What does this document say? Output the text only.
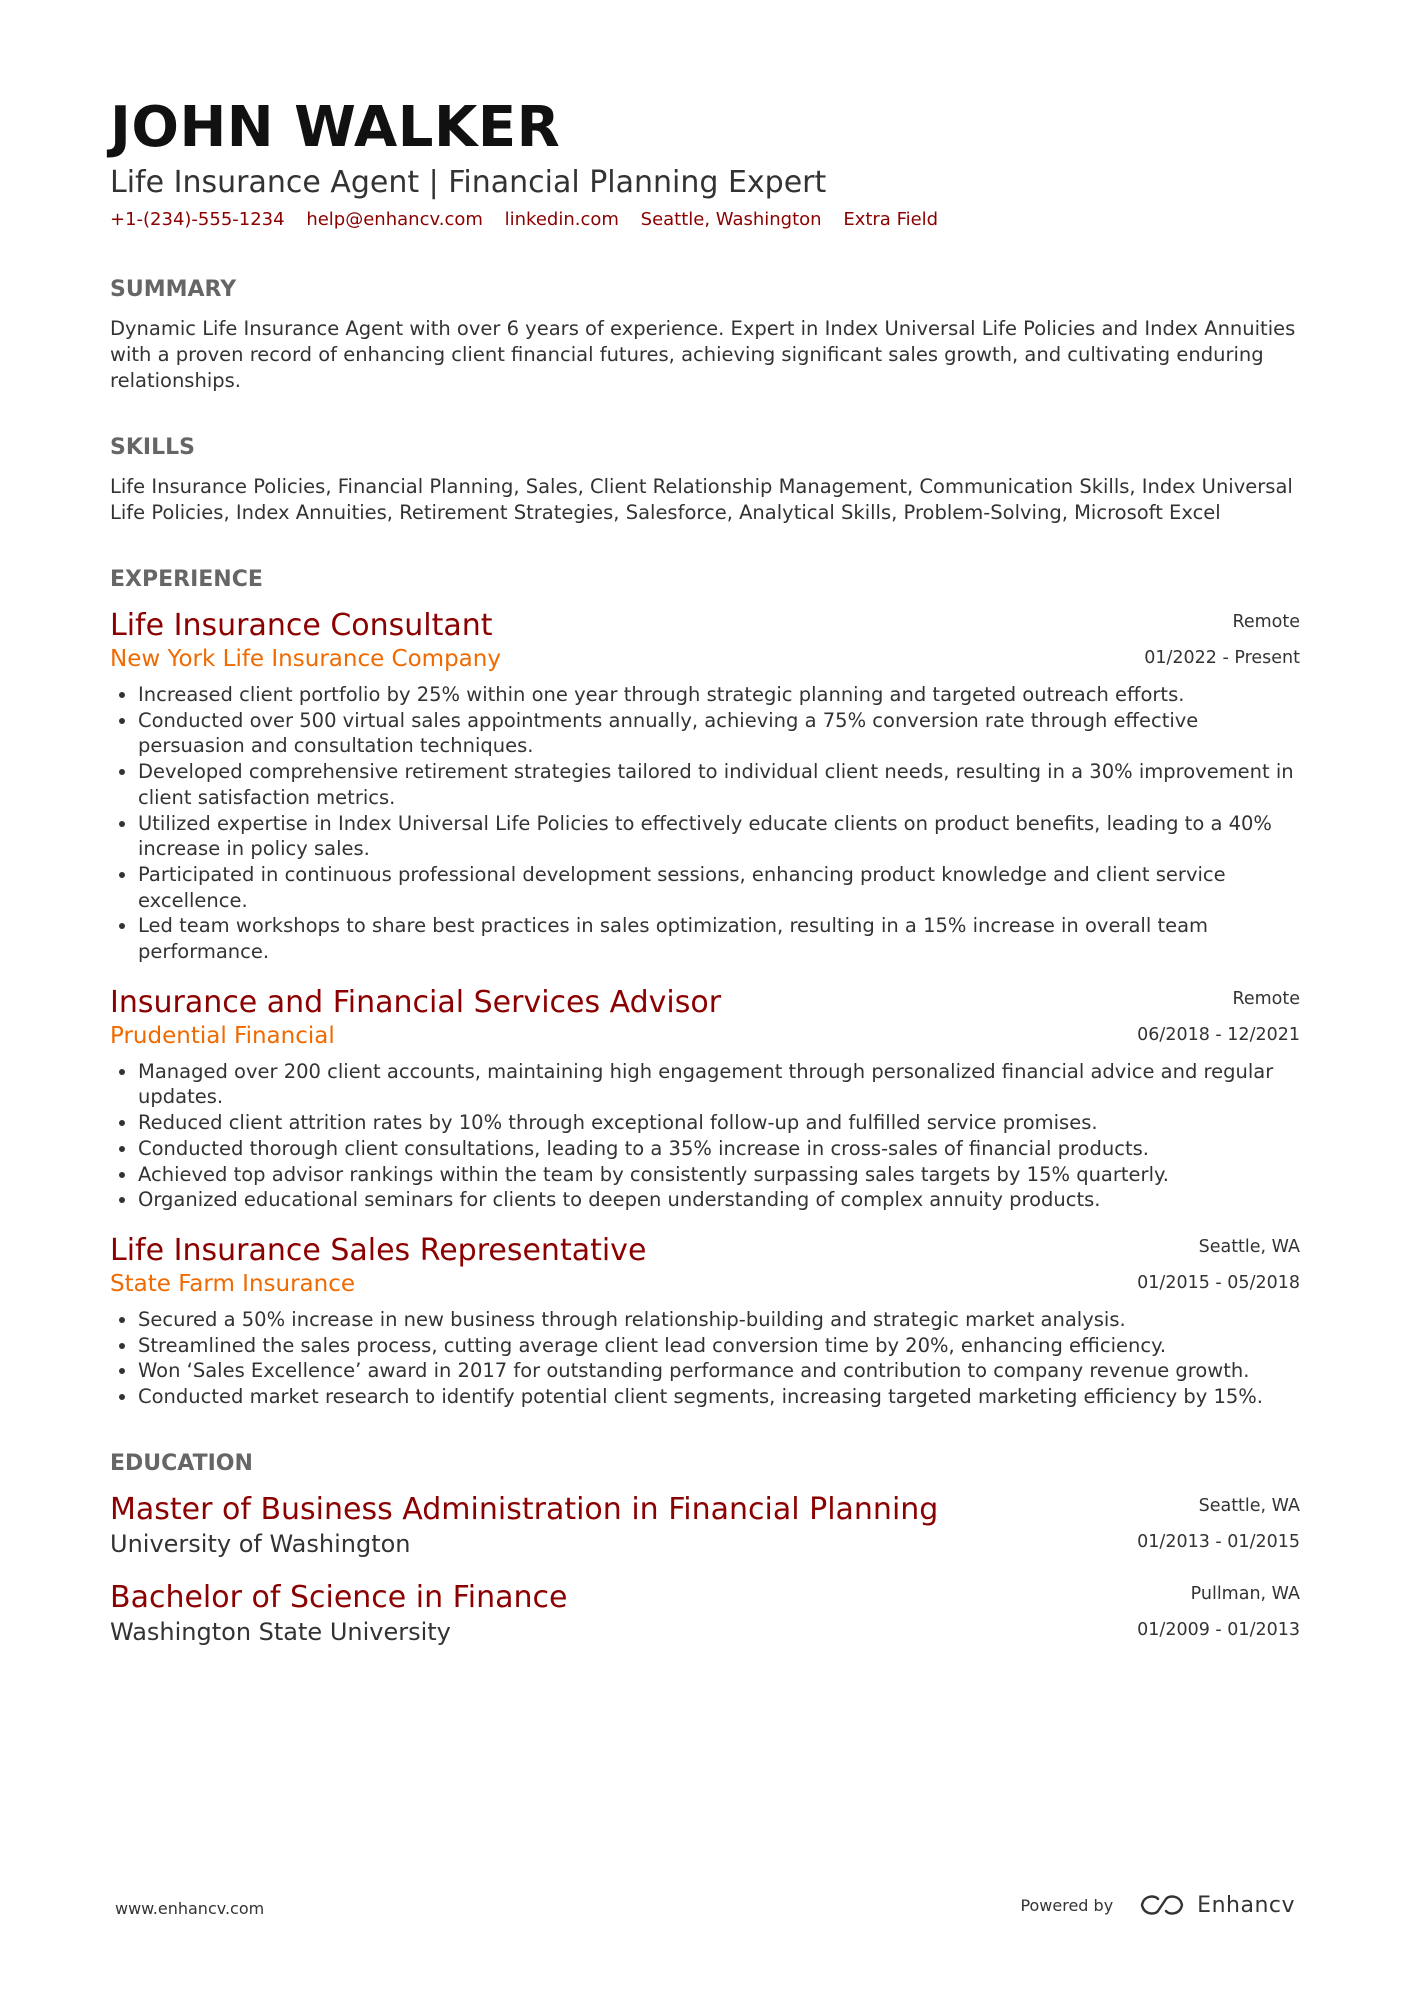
JOHN WALKER
Life Insurance Agent | Financial Planning Expert
+1-(234)-555-1234 help@enhancv.com linkedin.com Seattle, Washington Extra Field
SUMMARY
Dynamic Life Insurance Agent with over 6 years of experience. Expert in Index Universal Life Policies and Index Annuities with a proven record of enhancing client financial futures, achieving significant sales growth, and cultivating enduring relationships.
SKILLS
Life Insurance Policies, Financial Planning, Sales, Client Relationship Management, Communication Skills, Index Universal Life Policies, Index Annuities, Retirement Strategies, Salesforce, Analytical Skills, Problem-Solving, Microsoft Excel
EXPERIENCE
Life Insurance Consultant
New York Life Insurance Company
Remote
01/2022 - Present
• Increased client portfolio by 25% within one year through strategic planning and targeted outreach efforts.
• Conducted over 500 virtual sales appointments annually, achieving a 75% conversion rate through effective persuasion and consultation techniques.
• Developed comprehensive retirement strategies tailored to individual client needs, resulting in a 30% improvement in client satisfaction metrics.
• Utilized expertise in Index Universal Life Policies to effectively educate clients on product benefits, leading to a 40% increase in policy sales.
• Participated in continuous professional development sessions, enhancing product knowledge and client service excellence.
• Led team workshops to share best practices in sales optimization, resulting in a 15% increase in overall team performance.
Insurance and Financial Services Advisor
Prudential Financial
Remote
06/2018 - 12/2021
• Managed over 200 client accounts, maintaining high engagement through personalized financial advice and regular updates.
• Reduced client attrition rates by 10% through exceptional follow-up and fulfilled service promises.
• Conducted thorough client consultations, leading to a 35% increase in cross-sales of financial products.
• Achieved top advisor rankings within the team by consistently surpassing sales targets by 15% quarterly.
• Organized educational seminars for clients to deepen understanding of complex annuity products.
Life Insurance Sales Representative
State Farm Insurance
Seattle, WA
01/2015 - 05/2018
• Secured a 50% increase in new business through relationship-building and strategic market analysis.
• Streamlined the sales process, cutting average client lead conversion time by 20%, enhancing efficiency.
• Won ‘Sales Excellence’ award in 2017 for outstanding performance and contribution to company revenue growth.
• Conducted market research to identify potential client segments, increasing targeted marketing efficiency by 15%.
EDUCATION
Master of Business Administration in Financial Planning
University of Washington
Seattle, WA
01/2013 - 01/2015
Bachelor of Science in Finance
Washington State University
Pullman, WA
01/2009 - 01/2013
www.enhancv.com	Powered by	Enhancv
